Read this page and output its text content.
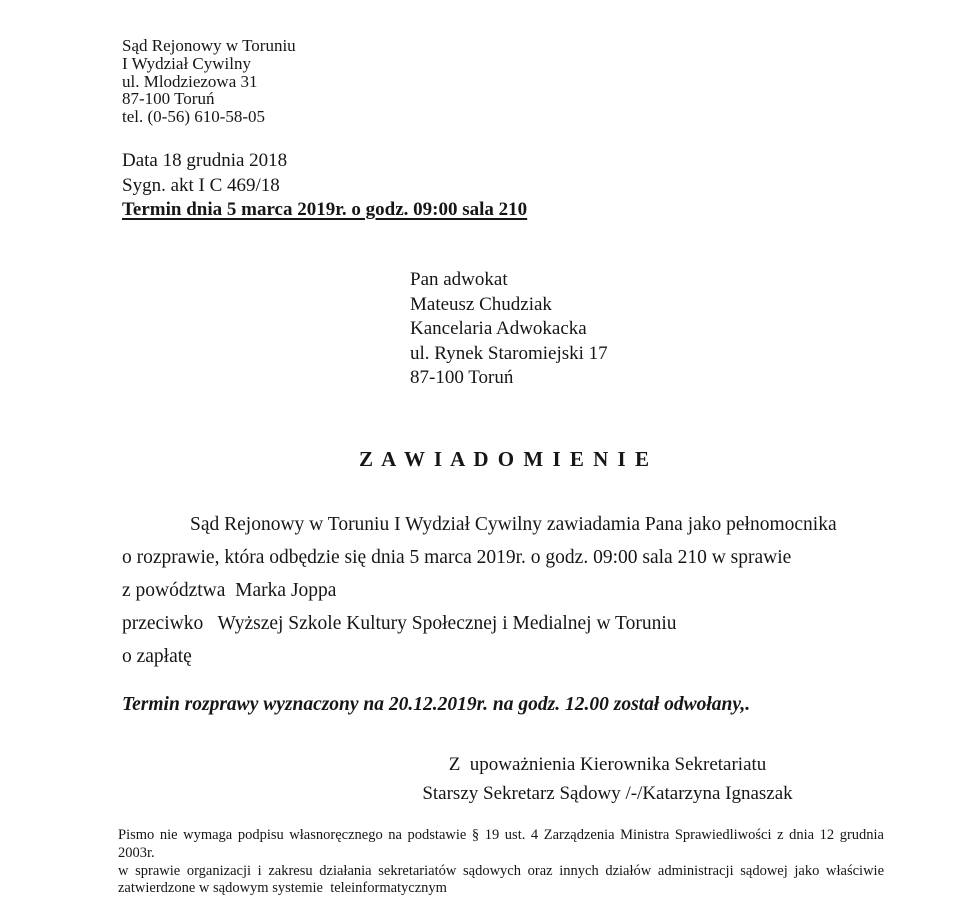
Sąd Rejonowy w Toruniu
I Wydział Cywilny
ul. Mlodziezowa 31
87-100 Toruń
tel. (0-56) 610-58-05
Data 18 grudnia 2018
Sygn. akt I C 469/18
Termin dnia 5 marca 2019r. o godz. 09:00 sala 210
Pan adwokat
Mateusz Chudziak
Kancelaria Adwokacka
ul. Rynek Staromiejski 17
87-100 Toruń
Z A W I A D O M I E N I E
Sąd Rejonowy w Toruniu I Wydział Cywilny zawiadamia Pana jako pełnomocnika
o rozprawie, która odbędzie się dnia 5 marca 2019r. o godz. 09:00 sala 210 w sprawie
z powództwa  Marka Joppa
przeciwko   Wyższej Szkole Kultury Społecznej i Medialnej w Toruniu
o zapłatę
Termin rozprawy wyznaczony na 20.12.2019r. na godz. 12.00 został odwołany,.
Z  upoważnienia Kierownika Sekretariatu
Starszy Sekretarz Sądowy /-/Katarzyna Ignaszak
Pismo nie wymaga podpisu własnoręcznego na podstawie § 19 ust. 4 Zarządzenia Ministra Sprawiedliwości z dnia 12 grudnia 2003r.
w sprawie organizacji i zakresu działania sekretariatów sądowych oraz innych działów administracji sądowej jako właściwie
zatwierdzone w sądowym systemie  teleinformatycznym
